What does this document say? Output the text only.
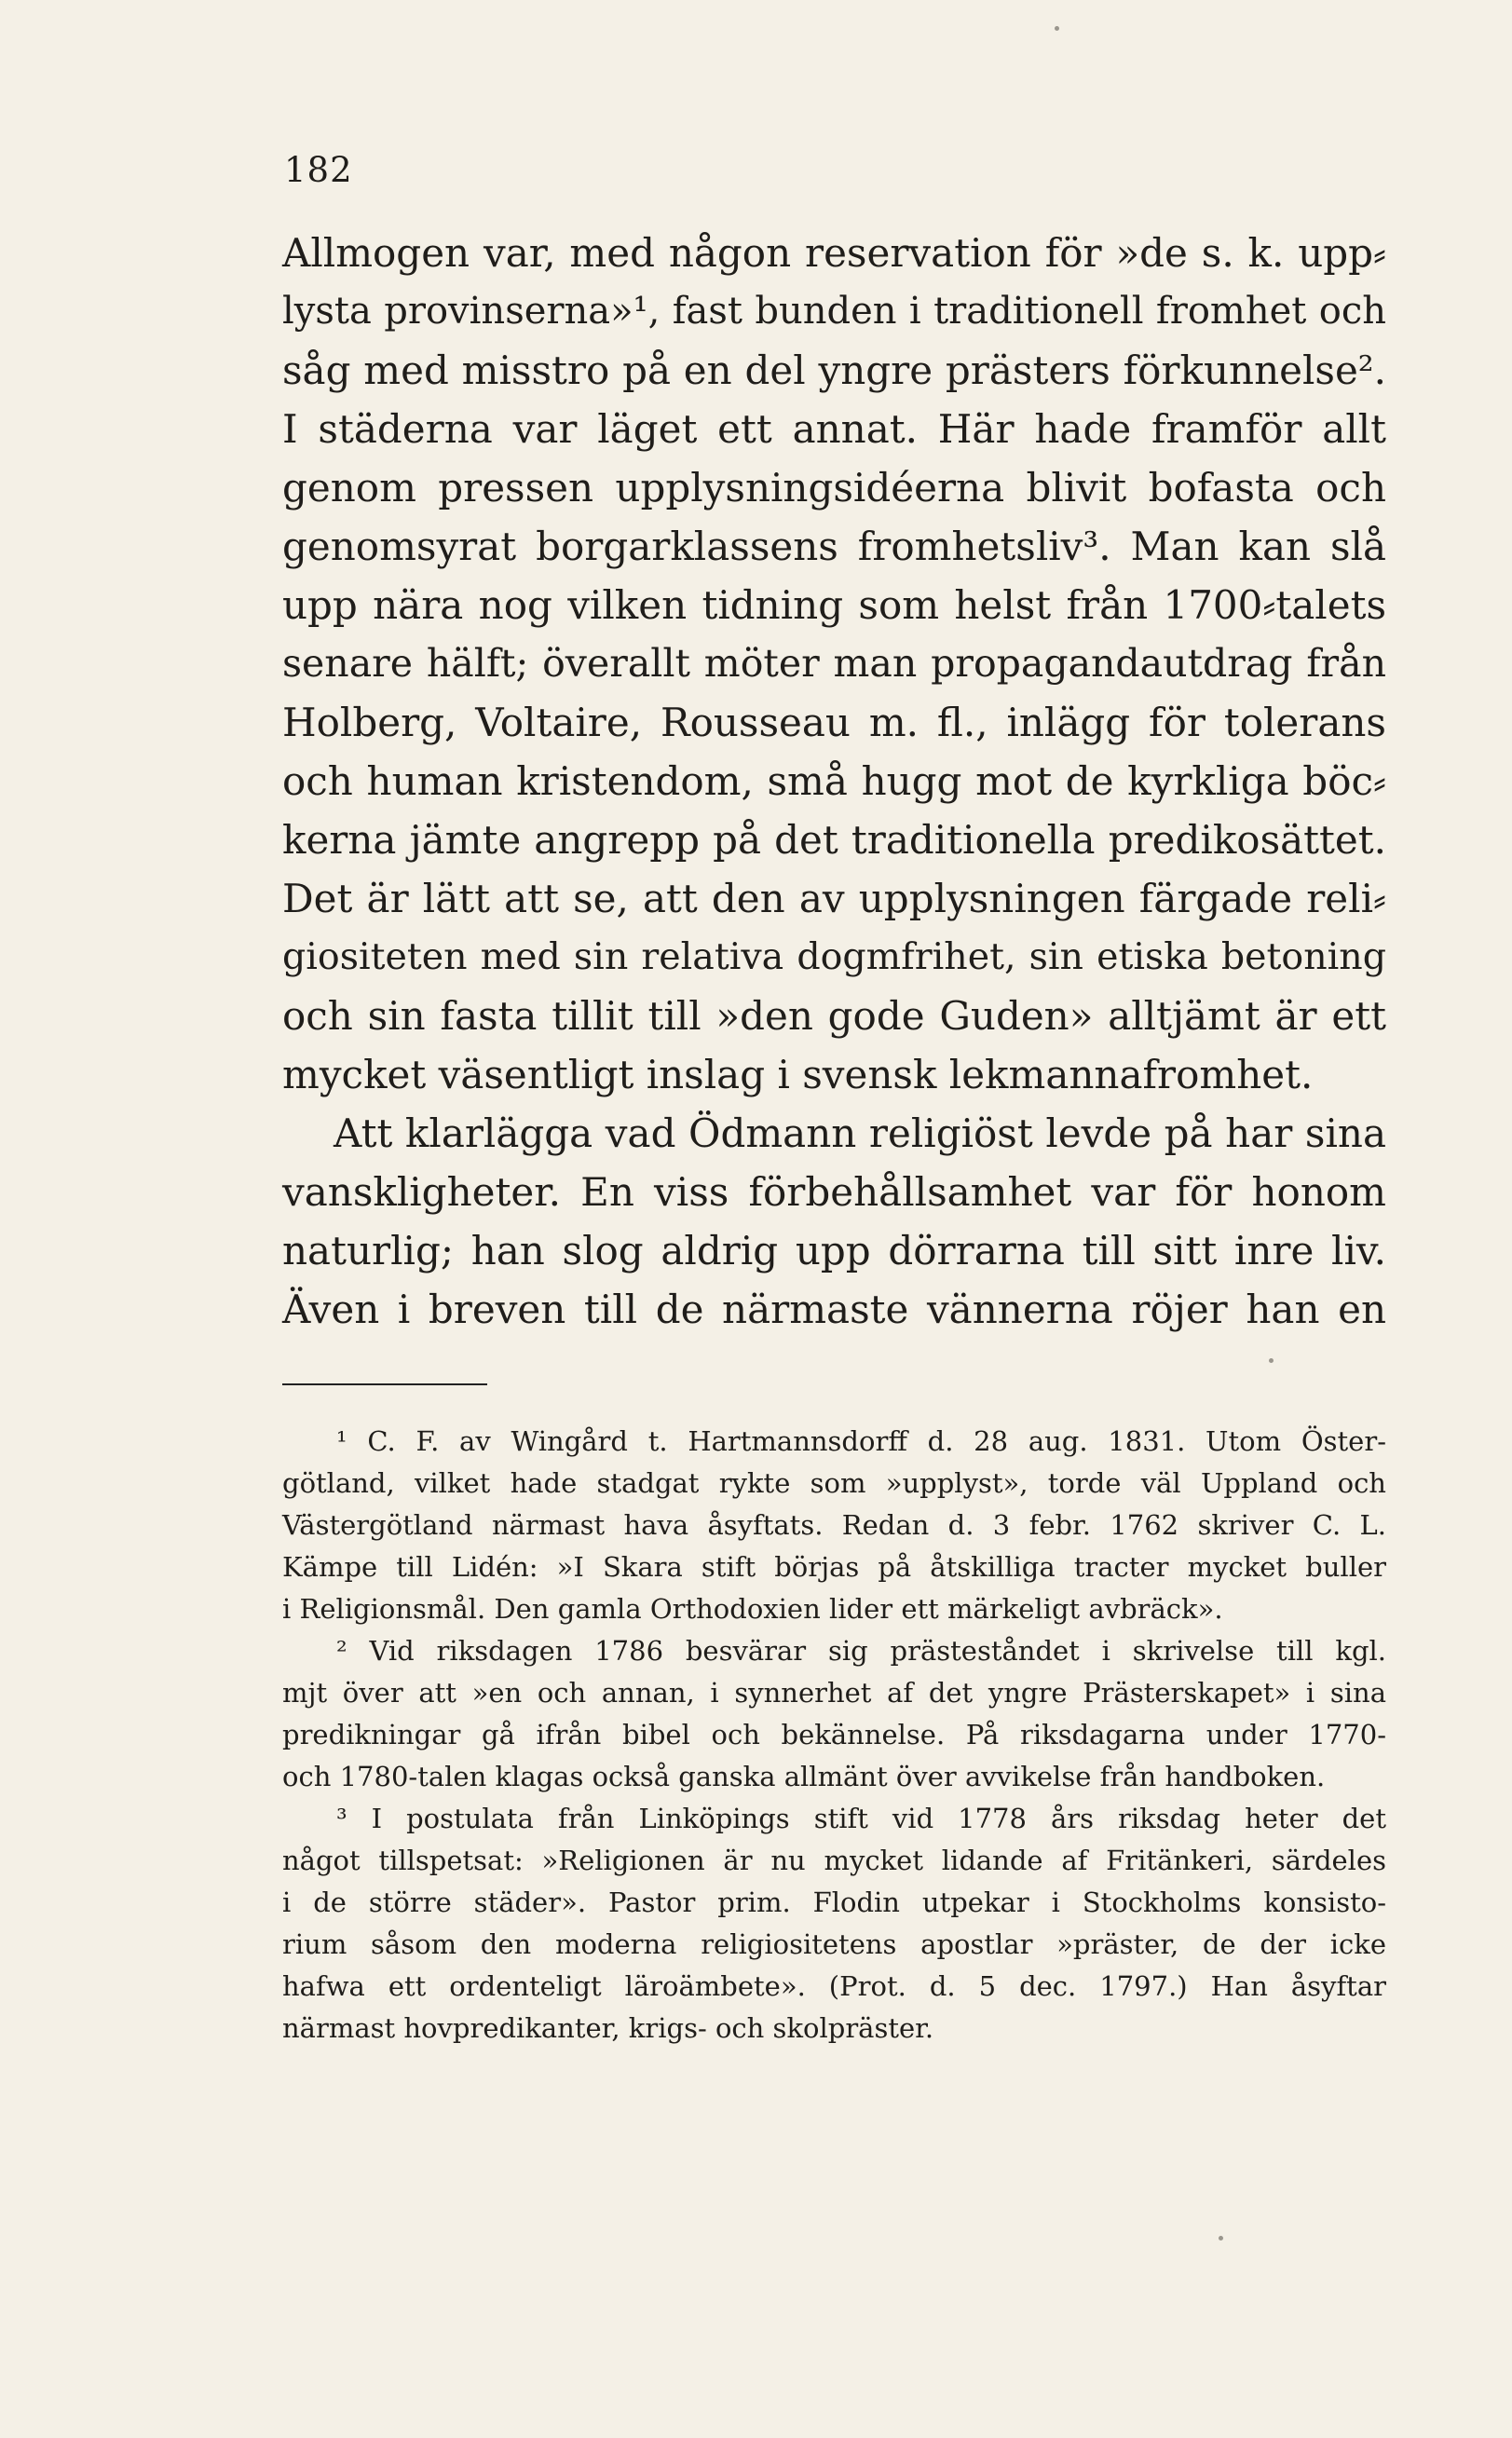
182
Allmogen var, med någon reservation för »de s. k. upp⸗
lysta provinserna»¹, fast bunden i traditionell fromhet och
såg med misstro på en del yngre prästers förkunnelse².
I städerna var läget ett annat. Här hade framför allt
genom pressen upplysningsidéerna blivit bofasta och
genomsyrat borgarklassens fromhetsliv³. Man kan slå
upp nära nog vilken tidning som helst från 1700⸗talets
senare hälft; överallt möter man propagandautdrag från
Holberg, Voltaire, Rousseau m. fl., inlägg för tolerans
och human kristendom, små hugg mot de kyrkliga böc⸗
kerna jämte angrepp på det traditionella predikosättet.
Det är lätt att se, att den av upplysningen färgade reli⸗
giositeten med sin relativa dogmfrihet, sin etiska betoning
och sin fasta tillit till »den gode Guden» alltjämt är ett
mycket väsentligt inslag i svensk lekmannafromhet.
Att klarlägga vad Ödmann religiöst levde på har sina
vanskligheter. En viss förbehållsamhet var för honom
naturlig; han slog aldrig upp dörrarna till sitt inre liv.
Även i breven till de närmaste vännerna röjer han en
¹ C. F. av Wingård t. Hartmannsdorff d. 28 aug. 1831. Utom Öster-
götland, vilket hade stadgat rykte som »upplyst», torde väl Uppland och
Västergötland närmast hava åsyftats. Redan d. 3 febr. 1762 skriver C. L.
Kämpe till Lidén: »I Skara stift börjas på åtskilliga tracter mycket buller
i Religionsmål. Den gamla Orthodoxien lider ett märkeligt avbräck».
² Vid riksdagen 1786 besvärar sig prästeståndet i skrivelse till kgl.
mjt över att »en och annan, i synnerhet af det yngre Prästerskapet» i sina
predikningar gå ifrån bibel och bekännelse. På riksdagarna under 1770-
och 1780-talen klagas också ganska allmänt över avvikelse från handboken.
³ I postulata från Linköpings stift vid 1778 års riksdag heter det
något tillspetsat: »Religionen är nu mycket lidande af Fritänkeri, särdeles
i de större städer». Pastor prim. Flodin utpekar i Stockholms konsisto-
rium såsom den moderna religiositetens apostlar »präster, de der icke
hafwa ett ordenteligt läroämbete». (Prot. d. 5 dec. 1797.) Han åsyftar
närmast hovpredikanter, krigs- och skolpräster.
